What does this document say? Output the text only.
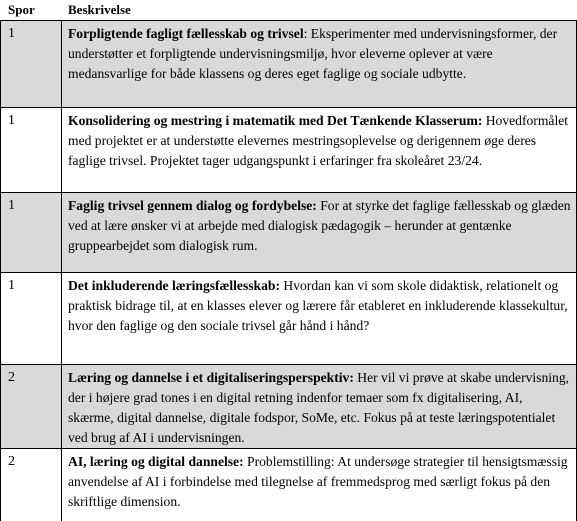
Spor	Beskrivelse
1	Forpligtende fagligt fællesskab og trivsel: Eksperimenter med undervisningsformer, der understøtter et forpligtende undervisningsmiljø, hvor eleverne oplever at være medansvarlige for både klassens og deres eget faglige og sociale udbytte.
1	Konsolidering og mestring i matematik med Det Tænkende Klasserum: Hovedformålet med projektet er at understøtte elevernes mestringsoplevelse og derigennem øge deres faglige trivsel. Projektet tager udgangspunkt i erfaringer fra skoleåret 23/24.
1	Faglig trivsel gennem dialog og fordybelse: For at styrke det faglige fællesskab og glæden ved at lære ønsker vi at arbejde med dialogisk pædagogik – herunder at gentænke gruppearbejdet som dialogisk rum.
1	Det inkluderende læringsfællesskab: Hvordan kan vi som skole didaktisk, relationelt og praktisk bidrage til, at en klasses elever og lærere får etableret en inkluderende klassekultur, hvor den faglige og den sociale trivsel går hånd i hånd?
2	Læring og dannelse i et digitaliseringsperspektiv: Her vil vi prøve at skabe undervisning, der i højere grad tones i en digital retning indenfor temaer som fx digitalisering, AI, skærme, digital dannelse, digitale fodspor, SoMe, etc. Fokus på at teste læringspotentialet ved brug af AI i undervisningen.
2	AI, læring og digital dannelse: Problemstilling: At undersøge strategier til hensigtsmæssig anvendelse af AI i forbindelse med tilegnelse af fremmedsprog med særligt fokus på den skriftlige dimension.
